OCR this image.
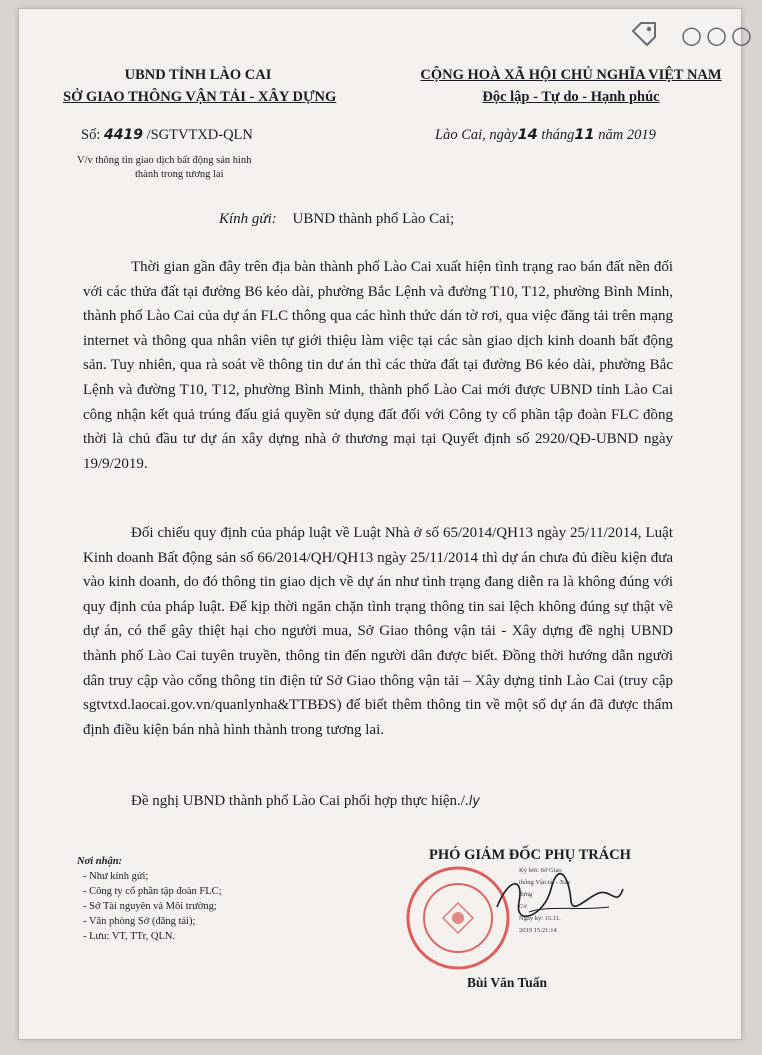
○○○
UBND TỈNH LÀO CAI
SỞ GIAO THÔNG VẬN TẢI - XÂY DỰNG
CỘNG HOÀ XÃ HỘI CHỦ NGHĨA VIỆT NAM
Độc lập - Tự do - Hạnh phúc
Số: 4419 /SGTVTXD-QLN	Lào Cai, ngày14 tháng11 năm 2019
V/v thông tin giao dịch bất động sản hình
thành trong tương lai
Kính gửi: UBND thành phố Lào Cai;
Thời gian gần đây trên địa bàn thành phố Lào Cai xuất hiện tình trạng rao bán đất nền đối với các thửa đất tại đường B6 kéo dài, phường Bắc Lệnh và đường T10, T12, phường Bình Minh, thành phố Lào Cai của dự án FLC thông qua các hình thức dán tờ rơi, qua việc đăng tải trên mạng internet và thông qua nhân viên tự giới thiệu làm việc tại các sàn giao dịch kinh doanh bất động sản. Tuy nhiên, qua rà soát về thông tin dư án thì các thửa đất tại đường B6 kéo dài, phường Bắc Lệnh và đường T10, T12, phường Bình Minh, thành phố Lào Cai mới được UBND tỉnh Lào Cai công nhận kết quả trúng đấu giá quyền sử dụng đất đối với Công ty cổ phần tập đoàn FLC đồng thời là chủ đầu tư dự án xây dựng nhà ở thương mại tại Quyết định số 2920/QĐ-UBND ngày 19/9/2019.
Đối chiếu quy định của pháp luật về Luật Nhà ở số 65/2014/QH13 ngày 25/11/2014, Luật Kinh doanh Bất động sản số 66/2014/QH/QH13 ngày 25/11/2014 thì dự án chưa đủ điều kiện đưa vào kinh doanh, do đó thông tin giao dịch về dự án như tình trạng đang diễn ra là không đúng với quy định của pháp luật. Để kịp thời ngăn chặn tình trạng thông tin sai lệch không đúng sự thật về dự án, có thể gây thiệt hại cho người mua, Sở Giao thông vận tải - Xây dựng đề nghị UBND thành phố Lào Cai tuyên truyền, thông tin đến người dân được biết. Đồng thời hướng dẫn người dân truy cập vào cổng thông tin điện tử Sở Giao thông vận tải – Xây dựng tỉnh Lào Cai (truy cập sgtvtxd.laocai.gov.vn/quanlynha&TTBĐS) để biết thêm thông tin về một số dự án đã được thẩm định điều kiện bán nhà hình thành trong tương lai.
Đề nghị UBND thành phố Lào Cai phối hợp thực hiện./.ly
Nơi nhận:
- Như kính gửi;
- Công ty cổ phần tập đoàn FLC;
- Sở Tài nguyên và Môi trường;
- Văn phòng Sở (đăng tải);
- Lưu: VT, TTr, QLN.
PHÓ GIÁM ĐỐC PHỤ TRÁCH
Ký bởi: Sở Giao
thông Vận tải - Xây
dựng
Cơ
Ngày ký: 15.11.
2019 15:21:14
Bùi Văn Tuấn
